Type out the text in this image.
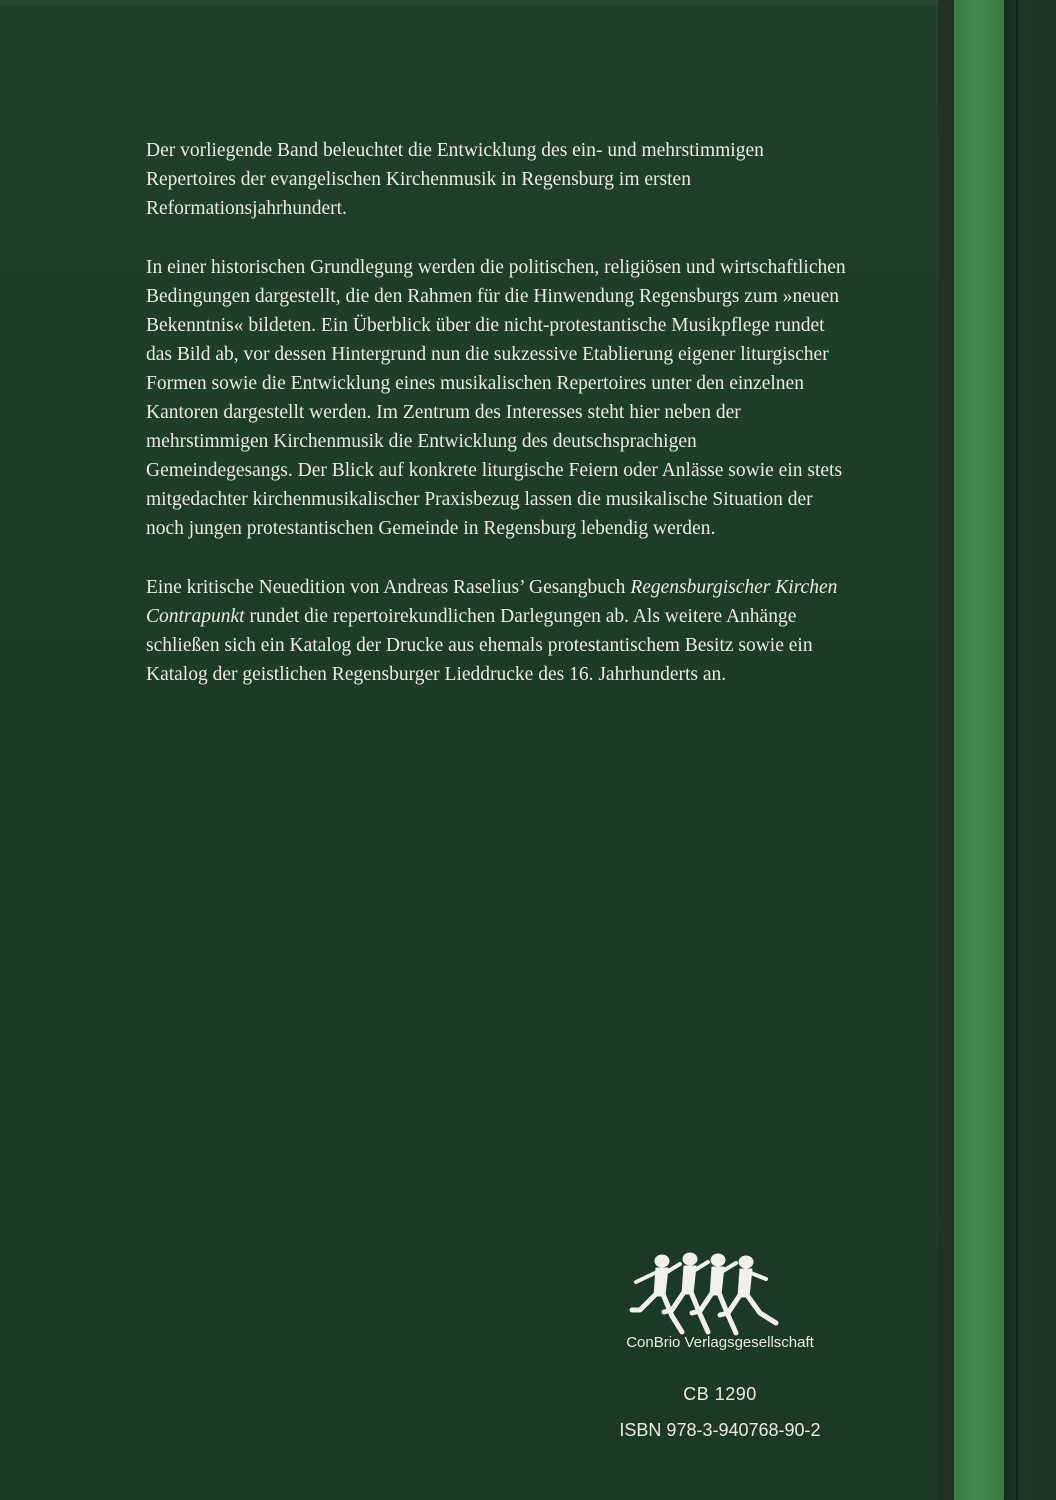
Der vorliegende Band beleuchtet die Entwicklung des ein- und mehrstimmigen Repertoires der evangelischen Kirchenmusik in Regensburg im ersten Reformationsjahrhundert.

In einer historischen Grundlegung werden die politischen, religiösen und wirtschaftlichen Bedingungen dargestellt, die den Rahmen für die Hinwendung Regensburgs zum »neuen Bekenntnis« bildeten. Ein Überblick über die nicht-protestantische Musikpflege rundet das Bild ab, vor dessen Hintergrund nun die sukzessive Etablierung eigener liturgischer Formen sowie die Entwicklung eines musikalischen Repertoires unter den einzelnen Kantoren dargestellt werden. Im Zentrum des Interesses steht hier neben der mehrstimmigen Kirchenmusik die Entwicklung des deutschsprachigen Gemeindegesangs. Der Blick auf konkrete liturgische Feiern oder Anlässe sowie ein stets mitgedachter kirchenmusikalischer Praxisbezug lassen die musikalische Situation der noch jungen protestantischen Gemeinde in Regensburg lebendig werden.

Eine kritische Neuedition von Andreas Raselius’ Gesangbuch Regensburgischer Kirchen Contrapunkt rundet die repertoirekundlichen Darlegungen ab. Als weitere Anhänge schließen sich ein Katalog der Drucke aus ehemals protestantischem Besitz sowie ein Katalog der geistlichen Regensburger Lieddrucke des 16. Jahrhunderts an.

ConBrio Verlagsgesellschaft
CB 1290
ISBN 978-3-940768-90-2
